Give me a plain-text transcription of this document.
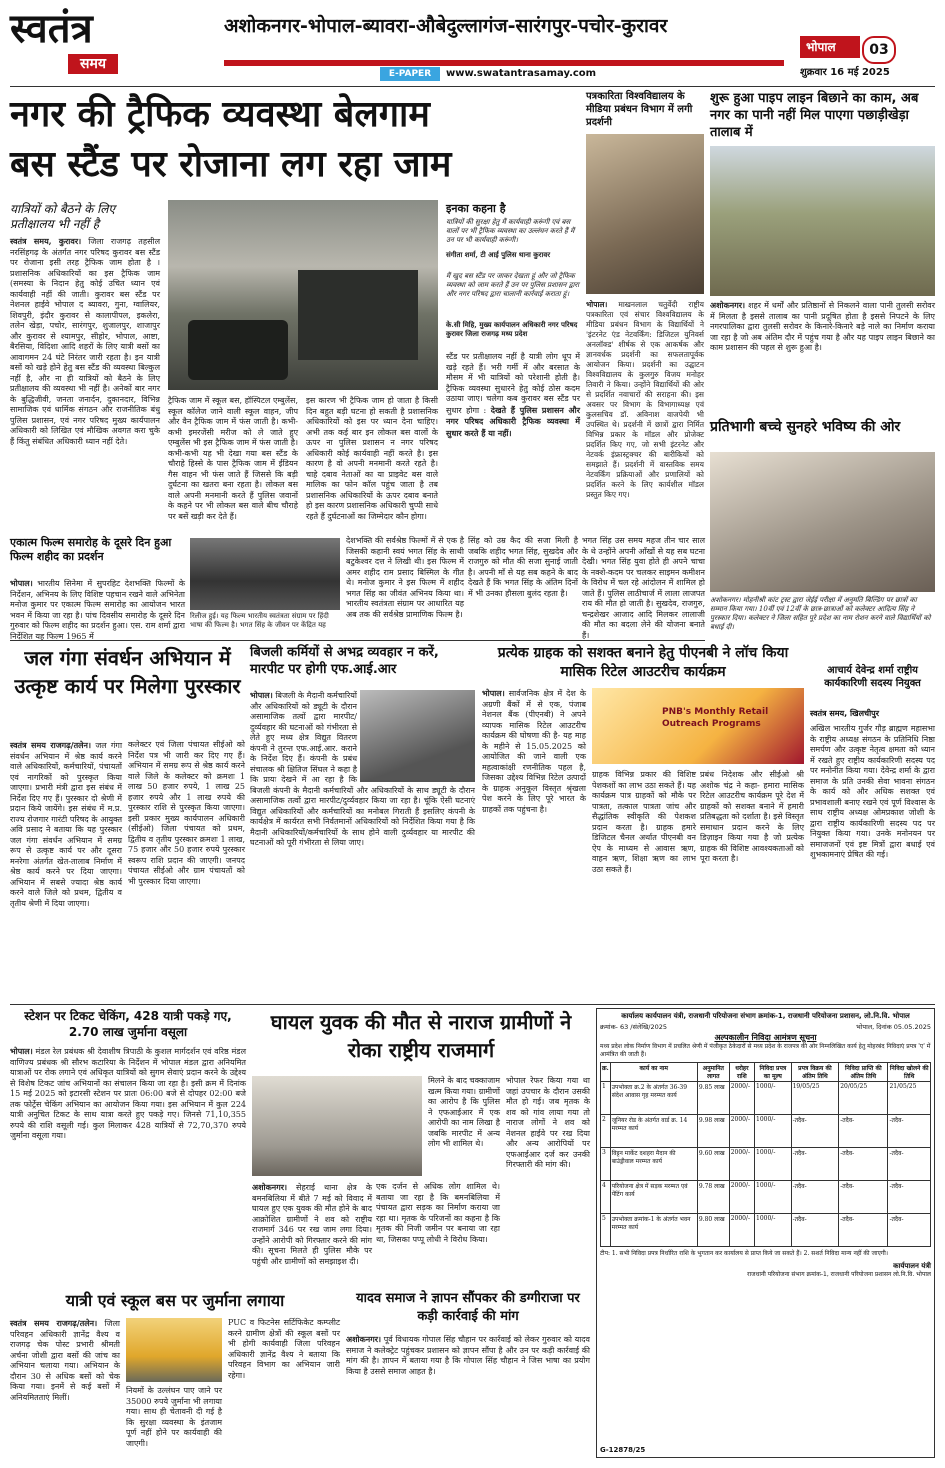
स्वतंत्र
समय
अशोकनगर-भोपाल-ब्यावरा-औबेदुल्लागंज-सारंगपुर-पचोर-कुरावर
E-PAPER	www.swatantrasamay.com
भोपाल	03
शुक्रवार 16 मई 2025
नगर की ट्रैफिक व्यवस्था बेलगाम
बस स्टैंड पर रोजाना लग रहा जाम
यात्रियों को बैठने के लिए प्रतीक्षालय भी नहीं है
स्वतंत्र समय, कुरावर। जिला राजगढ़ तहसील नरसिंहगढ़ के अंतर्गत नगर परिषद कुरावर बस स्टैंड पर रोजाना इसी तरह ट्रैफिक जाम होता है । प्रशासनिक अधिकारियों का इस ट्रैफिक जाम (समस्या के निदान हेतु कोई उचित ध्यान एवं कार्यवाही नहीं की जाती। कुरावर बस स्टैंड पर नेशनल हाईवे भोपाल द ब्यावरा, गुना, ग्वालियर, शिवपुरी, इंदौर कुरावर से कालापीपल, इकलेरा, तलेन खेड़ा, पचोर, सारंगपुर, शुजालपुर, शाजापुर और कुरावर से श्यामपुर, सीहोर, भोपाल, आष्टा, बैरसिया, विदिशा आदि शहरों के लिए यात्री बसों का आवागमन 24 घंटे निरंतर जारी रहता है। इन यात्री बसों को खड़े होने हेतु बस स्टैंड की व्यवस्था बिल्कुल नहीं है, और ना ही यात्रियों को बैठने के लिए प्रतीक्षालय की व्यवस्था भी नहीं है। अनेकों बार नगर के बुद्धिजीवी, जनता जनार्दन, दुकानदार, विभिन्न सामाजिक एवं धार्मिक संगठन और राजनीतिक बंधु पुलिस प्रशासन, एवं नगर परिषद मुख्य कार्यपालन अधिकारी को लिखित एवं मौखिक अवगत करा चुके हैं किंतु संबंधित अधिकारी ध्यान नहीं देते।
ट्रैफिक जाम में स्कूल बस, हॉस्पिटल एम्बुलेंस, स्कूल कॉलेज जाने वाली स्कूल वाहन, जीप और वैन ट्रैफिक जाम में फंस जाती है। कभी-कभी इमरजेंसी मरीज को ले जाते हुए एम्बुलेंस भी इस ट्रैफिक जाम में फंस जाती है। कभी-कभी यह भी देखा गया बस स्टैंड के चौराहे हिस्से के पास ट्रैफिक जाम में ईंडियन गैस वाहन भी फंस जाते हैं जिससे कि बड़ी दुर्घटना का खतरा बना रहता है। लोकल बस वाले अपनी मनमानी करते हैं पुलिस जवानों के कहने पर भी लोकल बस वाले बीच चौराहे पर बसें खड़ी कर देते हैं।
इस कारण भी ट्रैफिक जाम हो जाता है किसी दिन बहुत बड़ी घटना हो सकती है प्रशासनिक अधिकारियों को इस पर ध्यान देना चाहिए। अभी तक कई बार इन लोकल बस वालों के ऊपर ना पुलिस प्रशासन न नगर परिषद अधिकारी कोई कार्यवाही नहीं करते है। इस कारण है वो अपनी मनमानी करते रहते है। चाहे दबाव नेताओं का या प्राइवेट बस वाले मालिक का फोन कॉल पहुंच जाता है तब प्रशासनिक अधिकारियों के ऊपर दबाव बनाते हो इस कारण प्रशासनिक अधिकारी चुप्पी साधे रहते हैं दुर्घटनाओं का जिम्मेदार कौन होगा।
इनका कहना है
यात्रियों की सुरक्षा हेतु मैं कार्यवाही करूंगी एवं बस वालों पर भी ट्रैफिक व्यवस्था का उल्लंघन करते हैं मैं उन पर भी कार्यवाही करूंगी।
संगीता शर्मा, टी आई पुलिस थाना कुरावर
मैं खुद बस स्टैंड पर जाकर देखता हूं और जो ट्रैफिक व्यवस्था को जाम करते हैं उन पर पुलिस प्रशासन द्वारा और नगर परिषद द्वारा चालानी कार्रवाई कराता हूं।
के.सी मिहि, मुख्य कार्यपालन अधिकारी नगर परिषद कुरावर जिला राजगढ़ मध्य प्रदेश
स्टैंड पर प्रतीक्षालय नहीं है यात्री लोग धूप में खड़े रहते हैं। भरी गर्मी में और बरसात के मौसम में भी यात्रियों को परेशानी होती है। ट्रैफिक व्यवस्था सुधारने हेतु कोई ठोस कदम उठाया जाए। चलेगा कब कुरावर बस स्टैंड पर सुधार होगा : देखते हैं पुलिस प्रशासन और नगर परिषद अधिकारी ट्रैफिक व्यवस्था में सुधार करते हैं या नहीं।
पत्रकारिता विश्वविद्यालय के मीडिया प्रबंधन विभाग में लगी प्रदर्शनी
भोपाल। माखनलाल चतुर्वेदी राष्ट्रीय पत्रकारिता एवं संचार विश्वविद्यालय के मीडिया प्रबंधन विभाग के विद्यार्थियों ने 'इंटरनेट एंड नेटवर्किंग: डिजिटल युनिवर्स अनलॉक्ड' शीर्षक से एक आकर्षक और ज्ञानवर्धक प्रदर्शनी का सफलतापूर्वक आयोजन किया। प्रदर्शनी का उद्घाटन विश्वविद्यालय के कुलगुरु विजय मनोहर तिवारी ने किया। उन्होंने विद्यार्थियों की ओर से प्रदर्शित नवाचारों की सराहना की। इस अवसर पर विभाग के विभागाध्यक्ष एवं कुलसचिव डॉ. अविनाश वाजपेयी भी उपस्थित थे। प्रदर्शनी में छात्रों द्वारा निर्मित विभिन्न प्रकार के मॉडल और प्रोजेक्ट प्रदर्शित किए गए, जो सभी इंटरनेट और नेटवर्क इंफ्रास्ट्रक्चर की बारीकियों को समझाते हैं। प्रदर्शनी में वास्तविक समय नेटवर्किंग प्रक्रियाओं और प्रणालियों को प्रदर्शित करने के लिए कार्यशील मॉडल प्रस्तुत किए गए।
शुरू हुआ पाइप लाइन बिछाने का काम, अब नगर का पानी नहीं मिल पाएगा पछाड़ीखेड़ा तालाब में
अशोकनगर। शहर में धर्मों और प्रतिष्ठानों से निकलने वाला पानी तुलसी सरोवर में मिलता है इससे तालाब का पानी प्रदूषित होता है इससे निपटने के लिए नगरपालिका द्वारा तुलसी सरोवर के किनारे-किनारे बड़े नाले का निर्माण कराया जा रहा है जो अब अंतिम दौर में पहुंच गया है और यह पाइप लाइन बिछाने का काम प्रशासन की पहल से शुरू हुआ है।
प्रतिभागी बच्चे सुनहरे भविष्य की ओर
अशोकनगर। मोहनीश्री कांट ट्रस्ट द्वारा जेईई परीक्षा में अनुमति बिल्डिंग पर छात्रों का सम्मान किया गया। 10वीं एवं 12वीं के छात्र-छात्राओं को कलेक्टर आदित्य सिंह ने पुरस्कार दिया। कलेक्टर ने जिला सहित पूरे प्रदेश का नाम रोशन करने वाले विद्यार्थियों को बधाई दी।
एकात्म फिल्म समारोह के दूसरे दिन हुआ फिल्म शहीद का प्रदर्शन
भोपाल। भारतीय सिनेमा में सुपरहिट देशभक्ति फिल्मों के निर्देशन, अभिनय के लिए विशिष्ट पहचान रखने वाले अभिनेता मनोज कुमार पर एकात्म फिल्म समारोह का आयोजन भारत भवन में किया जा रहा है। पांच दिवसीय समारोह के दूसरे दिन गुरुवार को फिल्म शहीद का प्रदर्शन हुआ। एस. राम शर्मा द्वारा निर्देशित यह फिल्म 1965 में
रिलीज हुई। यह फिल्म भारतीय स्वतंत्रता संग्राम पर हिंदी भाषा की फिल्म है। भगत सिंह के जीवन पर केंद्रित यह
देशभक्ति की सर्वश्रेष्ठ फिल्मों में से एक है जिसकी कहानी स्वयं भगत सिंह के साथी बटुकेश्वर दत्त ने लिखी थी। इस फिल्म में अमर शहीद राम प्रसाद बिस्मिल के गीत थे। मनोज कुमार ने इस फिल्म में शहीद भगत सिंह का जीवंत अभिनय किया था। भारतीय स्वतंत्रता संग्राम पर आधारित यह अब तक की सर्वश्रेष्ठ प्रामाणिक फिल्म है।
सिंह को उम्र कैद की सजा मिली है जबकि शहीद भगत सिंह, सुखदेव और राजगुरु को मौत की सजा सुनाई जाती है। अपनी माँ से यह सब कहने के बाद देखते हैं कि भगत सिंह के अंतिम दिनों में भी उनका हौसला बुलंद रहता है।
भगत सिंह उस समय महज तीन चार साल के थे उन्होंने अपनी आँखों से यह सब घटना देखी। भगत सिंह युवा होते ही अपने चाचा के नक्शे-कदम पर चलकर साइमन कमीशन के विरोध में चल रहे आंदोलन में शामिल हो जाते हैं। पुलिस लाठीचार्ज में लाला लाजपत राय की मौत हो जाती है। सुखदेव, राजगुरु, चन्द्रशेखर आजाद आदि मिलकर लालाजी की मौत का बदला लेने की योजना बनाते हैं।
जल गंगा संवर्धन अभियान में उत्कृष्ट कार्य पर मिलेगा पुरस्कार
स्वतंत्र समय राजगढ़/तलेन। जल गंगा संवर्धन अभियान में श्रेष्ठ कार्य करने वाले अधिकारियों, कर्मचारियों, पंचायतों एवं नागरिकों को पुरस्कृत किया जाएगा। प्रभारी मंत्री द्वारा इस संबंध में निर्देश दिए गए हैं। पुरस्कार दो श्रेणी में प्रदान किये जायेंगे। इस संबंध में म.प्र. राज्य रोजगार गारंटी परिषद के आयुक्त अवि प्रसाद ने बताया कि यह पुरस्कार जल गंगा संवर्धन अभियान में समग्र रूप से उत्कृष्ट कार्य पर और दूसरा मनरेगा अंतर्गत खेत-तालाब निर्माण में श्रेष्ठ कार्य करने पर दिया जाएगा। अभियान में सबसे ज्यादा श्रेष्ठ कार्य करने वाले जिले को प्रथम, द्वितीय व तृतीय श्रेणी में दिया जाएगा।
कलेक्टर एवं जिला पंचायत सीईओ को निर्देश पत्र भी जारी कर दिए गए हैं। अभियान में समग्र रूप से श्रेष्ठ कार्य करने वाले जिले के कलेक्टर को क्रमशः 1 लाख 50 हजार रुपये, 1 लाख 25 हजार रुपये और 1 लाख रुपये की पुरस्कार राशि से पुरस्कृत किया जाएगा। इसी प्रकार मुख्य कार्यपालन अधिकारी (सीईओ) जिला पंचायत को प्रथम, द्वितीय व तृतीय पुरस्कार क्रमशः 1 लाख, 75 हजार और 50 हजार रुपये पुरस्कार स्वरूप राशि प्रदान की जाएगी। जनपद पंचायत सीईओ और ग्राम पंचायतों को भी पुरस्कार दिया जाएगा।
बिजली कर्मियों से अभद्र व्यवहार न करें, मारपीट पर होगी एफ.आई.आर
भोपाल। बिजली के मैदानी कर्मचारियों और अधिकारियों को ड्यूटी के दौरान असामाजिक तत्वों द्वारा मारपीट/दुर्व्यवहार की घटनाओं को गंभीरता से लेते हुए मध्य क्षेत्र विद्युत वितरण कंपनी ने तुरन्त एफ.आई.आर. कराने के निर्देश दिए हैं। कंपनी के प्रबंध संचालक श्री क्षितिज सिंघल ने कहा है कि प्रायः देखने में आ रहा है कि बिजली कंपनी के मैदानी कर्मचारियों और अधिकारियों के साथ ड्यूटी के दौरान असामाजिक तत्वों द्वारा मारपीट/दुर्व्यवहार किया जा रहा है। चूंकि ऐसी घटनाएं विद्युत अधिकारियों और कर्मचारियों का मनोबल गिराती हैं इसलिए कंपनी के कार्यक्षेत्र में कार्यरत सभी निर्वतमानों अधिकारियों को निर्देशित किया गया है कि मैदानी अधिकारियों/कर्मचारियों के साथ होने वाली दुर्व्यवहार या मारपीट की घटनाओं को पूरी गंभीरता से लिया जाए।
प्रत्येक ग्राहक को सशक्त बनाने हेतु पीएनबी ने लॉच किया मासिक रिटेल आउटरीच कार्यक्रम
भोपाल। सार्वजनिक क्षेत्र में देश के अग्रणी बैंकों में से एक, पंजाब नेशनल बैंक (पीएनबी) ने अपने व्यापक मासिक रिटेल आउटरीच कार्यक्रम की घोषणा की है- यह माह के महीने से 15.05.2025 को आयोजित की जाने वाली एक महत्वाकांक्षी रणनीतिक पहल है, जिसका उद्देश्य विभिन्न रिटेल उत्पादों के ग्राहक अनुकूल विस्तृत श्रृंखला पेश करने के लिए पूरे भारत के ग्राहकों तक पहुंचना है।
PNB's Monthly Retail Outreach Programs
ग्राहक विभिन्न प्रकार की विशिष्ट पेशकशों का लाभ उठा सकते हैं। यह कार्यक्रम पात्र ग्राहकों को मौके पर पात्रता, तत्काल पात्रता जांच और सैद्धांतिक स्वीकृति की पेशकश प्रदान करता है। ग्राहक हमारे डिजिटल चैनल अर्थात पीएनबी वन ऐप के माध्यम से आवास ऋण, वाहन ऋण, शिक्षा ऋण का लाभ उठा सकते हैं।
प्रबंध निदेशक और सीईओ श्री अशोक चंद्र ने कहा- हमारा मासिक रिटेल आउटरीच कार्यक्रम पूरे देश में ग्राहकों को सशक्त बनाने में हमारी प्रतिबद्धता को दर्शाता है। इसे विस्तृत समाधान प्रदान करने के लिए डिज़ाइन किया गया है जो प्रत्येक ग्राहक की विशिष्ट आवश्यकताओं को पूरा करता है।
आचार्य देवेन्द्र शर्मा राष्ट्रीय कार्यकारिणी सदस्य नियुक्त
स्वतंत्र समय, खिलचीपुर
अखिल भारतीय गुर्जर गौड़ ब्राह्मण महासभा के राष्ट्रीय अध्यक्ष संगठन के प्रतिनिधि निष्ठा समर्पण और उत्कृष्ट नेतृत्व क्षमता को ध्यान में रखते हुए राष्ट्रीय कार्यकारिणी सदस्य पद पर मनोनीत किया गया। देवेन्द्र शर्मा के द्वारा समाज के प्रति उनकी सेवा भावना संगठन के कार्य को और अधिक सशक्त एवं प्रभावशाली बनाए रखने एवं पूर्ण विश्वास के साथ राष्ट्रीय अध्यक्ष ओमप्रकाश जोशी के द्वारा राष्ट्रीय कार्यकारिणी सदस्य पद पर नियुक्त किया गया। उनके मनोनयन पर समाजजनों एवं इष्ट मित्रों द्वारा बधाई एवं शुभकामनाएं प्रेषित की गई।
स्टेशन पर टिकट चेकिंग, 428 यात्री पकड़े गए, 2.70 लाख जुर्माना वसूला
भोपाल। मंडल रेल प्रबंधक श्री देवाशीष त्रिपाठी के कुशल मार्गदर्शन एवं वरिष्ठ मंडल वाणिज्य प्रबंधक श्री सौरभ कटारिया के निर्देशन में भोपाल मंडल द्वारा अनियमित यात्राओं पर रोक लगाने एवं अधिकृत यात्रियों को सुगम सेवाएं प्रदान करने के उद्देश्य से विशेष टिकट जांच अभियानों का संचालन किया जा रहा है। इसी क्रम में दिनांक 15 मई 2025 को इटारसी स्टेशन पर प्रातः 06:00 बजे से दोपहर 02:00 बजे तक फोर्ट्रेस चेकिंग अभियान का आयोजन किया गया। इस अभियान में कुल 224 यात्री अनुचित टिकट के साथ यात्रा करते हुए पकड़े गए। जिनसे 71,10,355 रुपये की राशि वसूली गई। कुल मिलाकर 428 यात्रियों से 72,70,370 रुपये जुर्माना वसूला गया।
घायल युवक की मौत से नाराज ग्रामीणों ने रोका राष्ट्रीय राजमार्ग
मिलने के बाद चक्काजाम खत्म किया गया। ग्रामीणों का आरोप है कि पुलिस ने एफआईआर में एक आरोपी का नाम लिखा है जबकि मारपीट में अन्य लोग भी शामिल थे।
भोपाल रेफर किया गया था जहां उपचार के दौरान उसकी मौत हो गई। जब मृतक के शव को गांव लाया गया तो नाराज लोगों ने शव को नेशनल हाईवे पर रख दिया और अन्य आरोपियों पर एफआईआर दर्ज कर उनकी गिरफ्तारी की मांग की।
अशोकनगर। सेहराई थाना क्षेत्र के बमनबिलिया में बीते 7 मई को विवाद में घायल हुए एक युवक की मौत होने के बाद आक्रोशित ग्रामीणों ने शव को राष्ट्रीय राजमार्ग 346 पर रख जाम लगा दिया। उन्होंने आरोपी को गिरफ्तार करने की मांग की। सूचना मिलते ही पुलिस मौके पर पहुंची और ग्रामीणों को समझाइश दी।
एक दर्जन से अधिक लोग शामिल थे। बताया जा रहा है कि बमनबिलिया में पंचायत द्वारा सड़क का निर्माण कराया जा रहा था। मृतक के परिजनों का कहना है कि मृतक की निजी जमीन पर बनाया जा रहा था, जिसका पप्पू लोधी ने विरोध किया।
कार्यालय कार्यपालन यंत्री, राजधानी परियोजना संभाग क्रमांक-1, राजधानी परियोजना प्रशासन, लो.नि.वि. भोपाल
क्रमांक- 63 /संलेखि/2025	भोपाल, दिनांक 05.05.2025
अल्पकालीन निविदा आमंत्रण सूचना
मध्य प्रदेश लोक निर्माण विभाग में प्रचलित श्रेणी में पंजीकृत ठेकेदारों से मध्य प्रदेश के राजपत्र की ओर निम्नलिखित कार्य हेतु मोहरबंद निविदाएं प्रपत्र 'ए' में आमंत्रित की जाती हैं।
क्र.	कार्य का नाम	अनुमानित लागत	धरोहर राशि	निविदा प्रपत्र का मूल्य	प्रपत्र विक्रय की अंतिम तिथि	निविदा प्राप्ति की अंतिम तिथि	निविदा खोलने की तिथि
1	उपभोक्ता क्र.2 के अंतर्गत 36-39 संदेश आवास गृह मरम्मत कार्य	9.85 लाख	2000/-	1000/-	19/05/25	20/05/25	21/05/25
2	जूनियर रोड के अंतर्गत वार्ड क्र. 14 मरम्मत कार्य	9.98 लाख	2000/-	1000/-	-तदैव-	-तदैव-	-तदैव-
3	विट्टन मार्केट दशहरा मैदान की बाउंड्रीवाल मरम्मत कार्य	9.60 लाख	2000/-	1000/-	-तदैव-	-तदैव-	-तदैव-
4	परियोजना क्षेत्र में सड़क मरम्मत एवं पेंटिंग कार्य	9.78 लाख	2000/-	1000/-	-तदैव-	-तदैव-	-तदैव-
5	उपभोक्ता क्रमांक-1 के अंतर्गत भवन मरम्मत कार्य	9.80 लाख	2000/-	1000/-	-तदैव-	-तदैव-	-तदैव-
टीप: 1. सभी निविदा प्रपत्र निर्धारित राशि के भुगतान कर कार्यालय से प्राप्त किये जा सकते हैं। 2. सशर्त निविदा मान्य नहीं की जाएगी।
कार्यपालन यंत्री
राजधानी परियोजना संभाग क्रमांक-1, राजधानी परियोजना प्रशासन लो.नि.वि. भोपाल
G-12878/25
यात्री एवं स्कूल बस पर जुर्माना लगाया
स्वतंत्र समय राजगढ़/तलेन। जिला परिवहन अधिकारी ज्ञानेंद्र वैश्य व राजगढ़ चेक पोस्ट प्रभारी श्रीमती अर्चना जोशी द्वारा बसों की जांच का अभियान चलाया गया। अभियान के दौरान 30 से अधिक बसों को चेक किया गया। इनमें से कई बसों में अनियमितताएं मिलीं।
नियमों के उल्लंघन पाए जाने पर 35000 रुपये जुर्माना भी लगाया गया। साथ ही चेतावनी दी गई है कि सुरक्षा व्यवस्था के इंतजाम पूर्ण नहीं होने पर कार्यवाही की जाएगी।
PUC व फिटनेस सर्टिफिकेट कम्प्लीट करने ग्रामीण क्षेत्रों की स्कूल बसों पर भी होगी कार्यवाही जिला परिवहन अधिकारी ज्ञानेंद्र वैश्य ने बताया कि परिवहन विभाग का अभियान जारी रहेगा।
यादव समाज ने ज्ञापन सौंपकर की डग्गीराजा पर कड़ी कार्रवाई की मांग
अशोकनगर। पूर्व विधायक गोपाल सिंह चौहान पर कार्रवाई को लेकर गुरुवार को यादव समाज ने कलेक्ट्रेट पहुंचकर प्रशासन को ज्ञापन सौंपा है और उन पर कड़ी कार्रवाई की मांग की है। ज्ञापन में बताया गया है कि गोपाल सिंह चौहान ने जिस भाषा का प्रयोग किया है उससे समाज आहत है।
